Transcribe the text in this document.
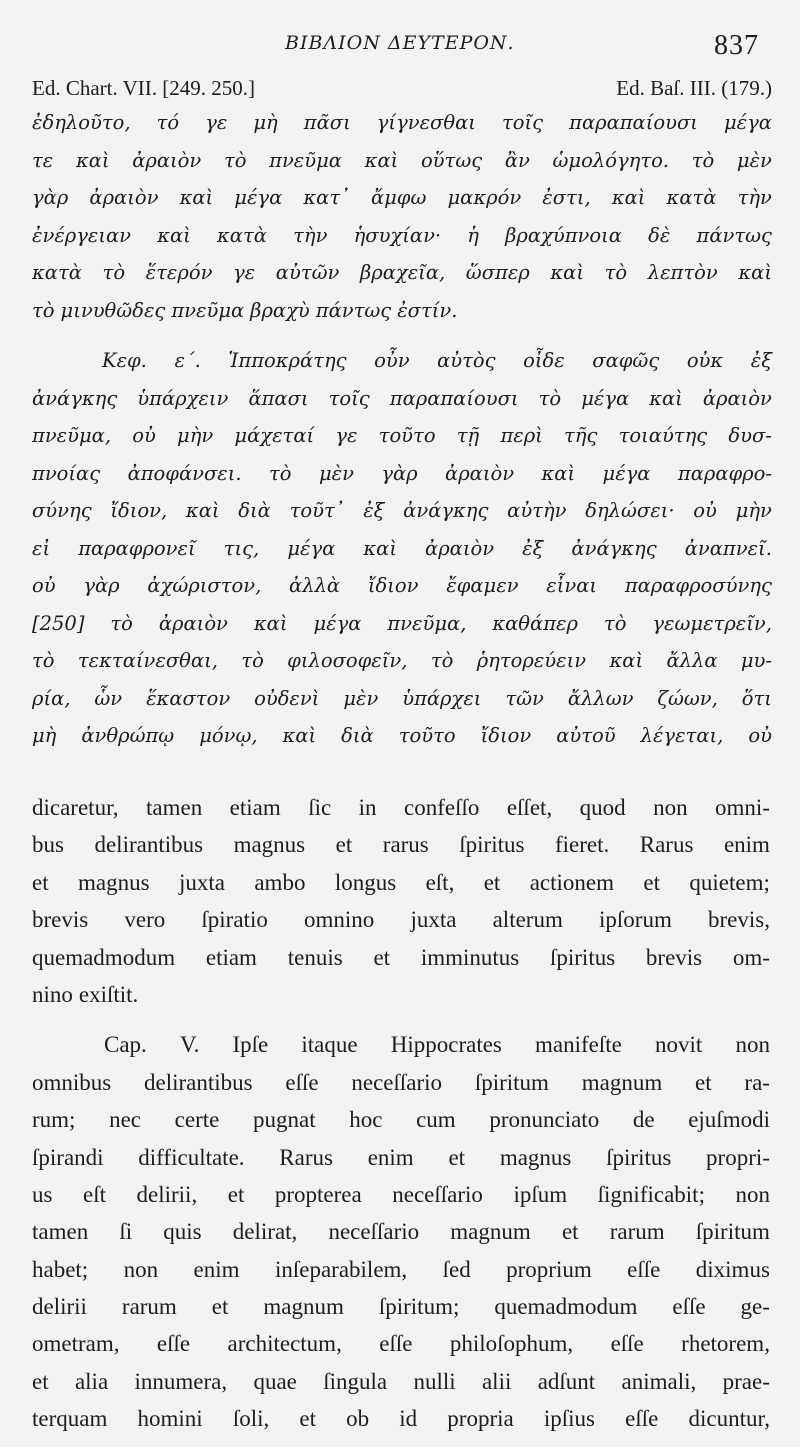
ΒΙΒΛΙΟΝ ΔΕΥΤΕΡΟΝ.	837
Ed. Chart. VII. [249. 250.]	Ed. Baſ. III. (179.)
ἐδηλοῦτο, τό γε μὴ πᾶσι γίγνεσθαι τοῖς παραπαίουσι μέγα
τε καὶ ἀραιὸν τὸ πνεῦμα καὶ οὕτως ἂν ὡμολόγητο. τὸ μὲν
γὰρ ἀραιὸν καὶ μέγα κατ᾽ ἄμφω μακρόν ἐστι, καὶ κατὰ τὴν
ἐνέργειαν καὶ κατὰ τὴν ἡσυχίαν· ἡ βραχύπνοια δὲ πάντως
κατὰ τὸ ἕτερόν γε αὐτῶν βραχεῖα, ὥσπερ καὶ τὸ λεπτὸν καὶ
τὸ μινυθῶδες πνεῦμα βραχὺ πάντως ἐστίν.
Κεφ. ε΄. Ἱπποκράτης οὖν αὐτὸς οἶδε σαφῶς οὐκ ἐξ
ἀνάγκης ὑπάρχειν ἅπασι τοῖς παραπαίουσι τὸ μέγα καὶ ἀραιὸν
πνεῦμα, οὐ μὴν μάχεταί γε τοῦτο τῇ περὶ τῆς τοιαύτης δυσ-
πνοίας ἀποφάνσει. τὸ μὲν γὰρ ἀραιὸν καὶ μέγα παραφρο-
σύνης ἴδιον, καὶ διὰ τοῦτ᾽ ἐξ ἀνάγκης αὐτὴν δηλώσει· οὐ μὴν
εἰ παραφρονεῖ τις, μέγα καὶ ἀραιὸν ἐξ ἀνάγκης ἀναπνεῖ.
οὐ γὰρ ἀχώριστον, ἀλλὰ ἴδιον ἔφαμεν εἶναι παραφροσύνης
[250] τὸ ἀραιὸν καὶ μέγα πνεῦμα, καθάπερ τὸ γεωμετρεῖν,
τὸ τεκταίνεσθαι, τὸ φιλοσοφεῖν, τὸ ῥητορεύειν καὶ ἄλλα μυ-
ρία, ὧν ἕκαστον οὐδενὶ μὲν ὑπάρχει τῶν ἄλλων ζώων, ὅτι
μὴ ἀνθρώπῳ μόνῳ, καὶ διὰ τοῦτο ἴδιον αὐτοῦ λέγεται, οὐ
dicaretur, tamen etiam ſic in confeſſo eſſet, quod non omni-
bus delirantibus magnus et rarus ſpiritus fieret. Rarus enim
et magnus juxta ambo longus eſt, et actionem et quietem;
brevis vero ſpiratio omnino juxta alterum ipſorum brevis,
quemadmodum etiam tenuis et imminutus ſpiritus brevis om-
nino exiſtit.
Cap. V. Ipſe itaque Hippocrates manifeſte novit non
omnibus delirantibus eſſe neceſſario ſpiritum magnum et ra-
rum; nec certe pugnat hoc cum pronunciato de ejuſmodi
ſpirandi difficultate. Rarus enim et magnus ſpiritus propri-
us eſt delirii, et propterea neceſſario ipſum ſignificabit; non
tamen ſi quis delirat, neceſſario magnum et rarum ſpiritum
habet; non enim inſeparabilem, ſed proprium eſſe diximus
delirii rarum et magnum ſpiritum; quemadmodum eſſe ge-
ometram, eſſe architectum, eſſe philoſophum, eſſe rhetorem,
et alia innumera, quae ſingula nulli alii adſunt animali, prae-
terquam homini ſoli, et ob id propria ipſius eſſe dicuntur,
